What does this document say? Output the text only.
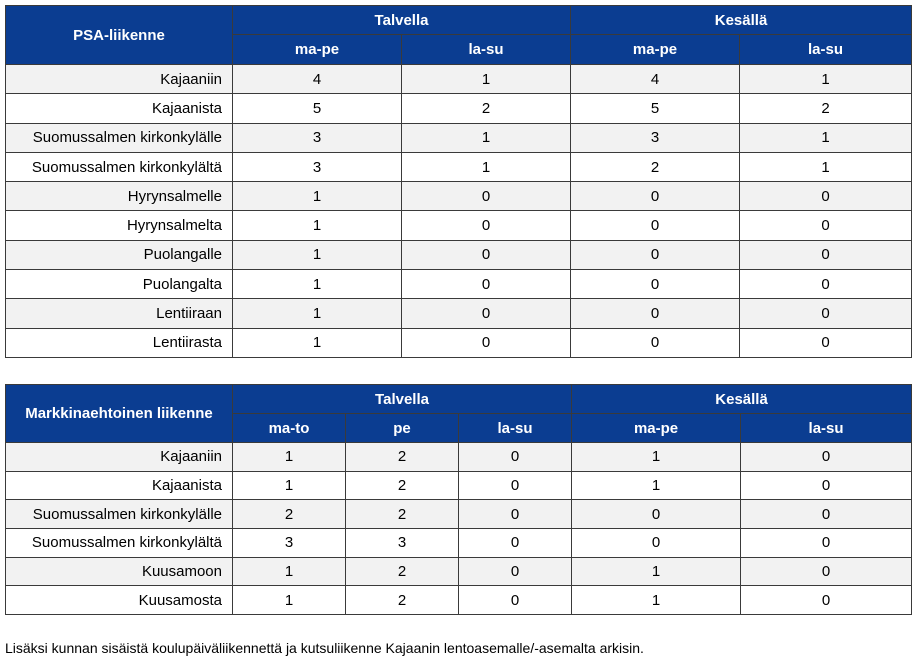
PSA-liikenne	Talvella		Kesällä	
	ma-pe	la-su	ma-pe	la-su
Kajaaniin	4	1	4	1
Kajaanista	5	2	5	2
Suomussalmen kirkonkylälle	3	1	3	1
Suomussalmen kirkonkylältä	3	1	2	1
Hyrynsalmelle	1	0	0	0
Hyrynsalmelta	1	0	0	0
Puolangalle	1	0	0	0
Puolangalta	1	0	0	0
Lentiiraan	1	0	0	0
Lentiirasta	1	0	0	0
Markkinaehtoinen liikenne	Talvella			Kesällä	
	ma-to	pe	la-su	ma-pe	la-su
Kajaaniin	1	2	0	1	0
Kajaanista	1	2	0	1	0
Suomussalmen kirkonkylälle	2	2	0	0	0
Suomussalmen kirkonkylältä	3	3	0	0	0
Kuusamoon	1	2	0	1	0
Kuusamosta	1	2	0	1	0
Lisäksi kunnan sisäistä koulupäiväliikennettä ja kutsuliikenne Kajaanin lentoasemalle/-asemalta arkisin.
